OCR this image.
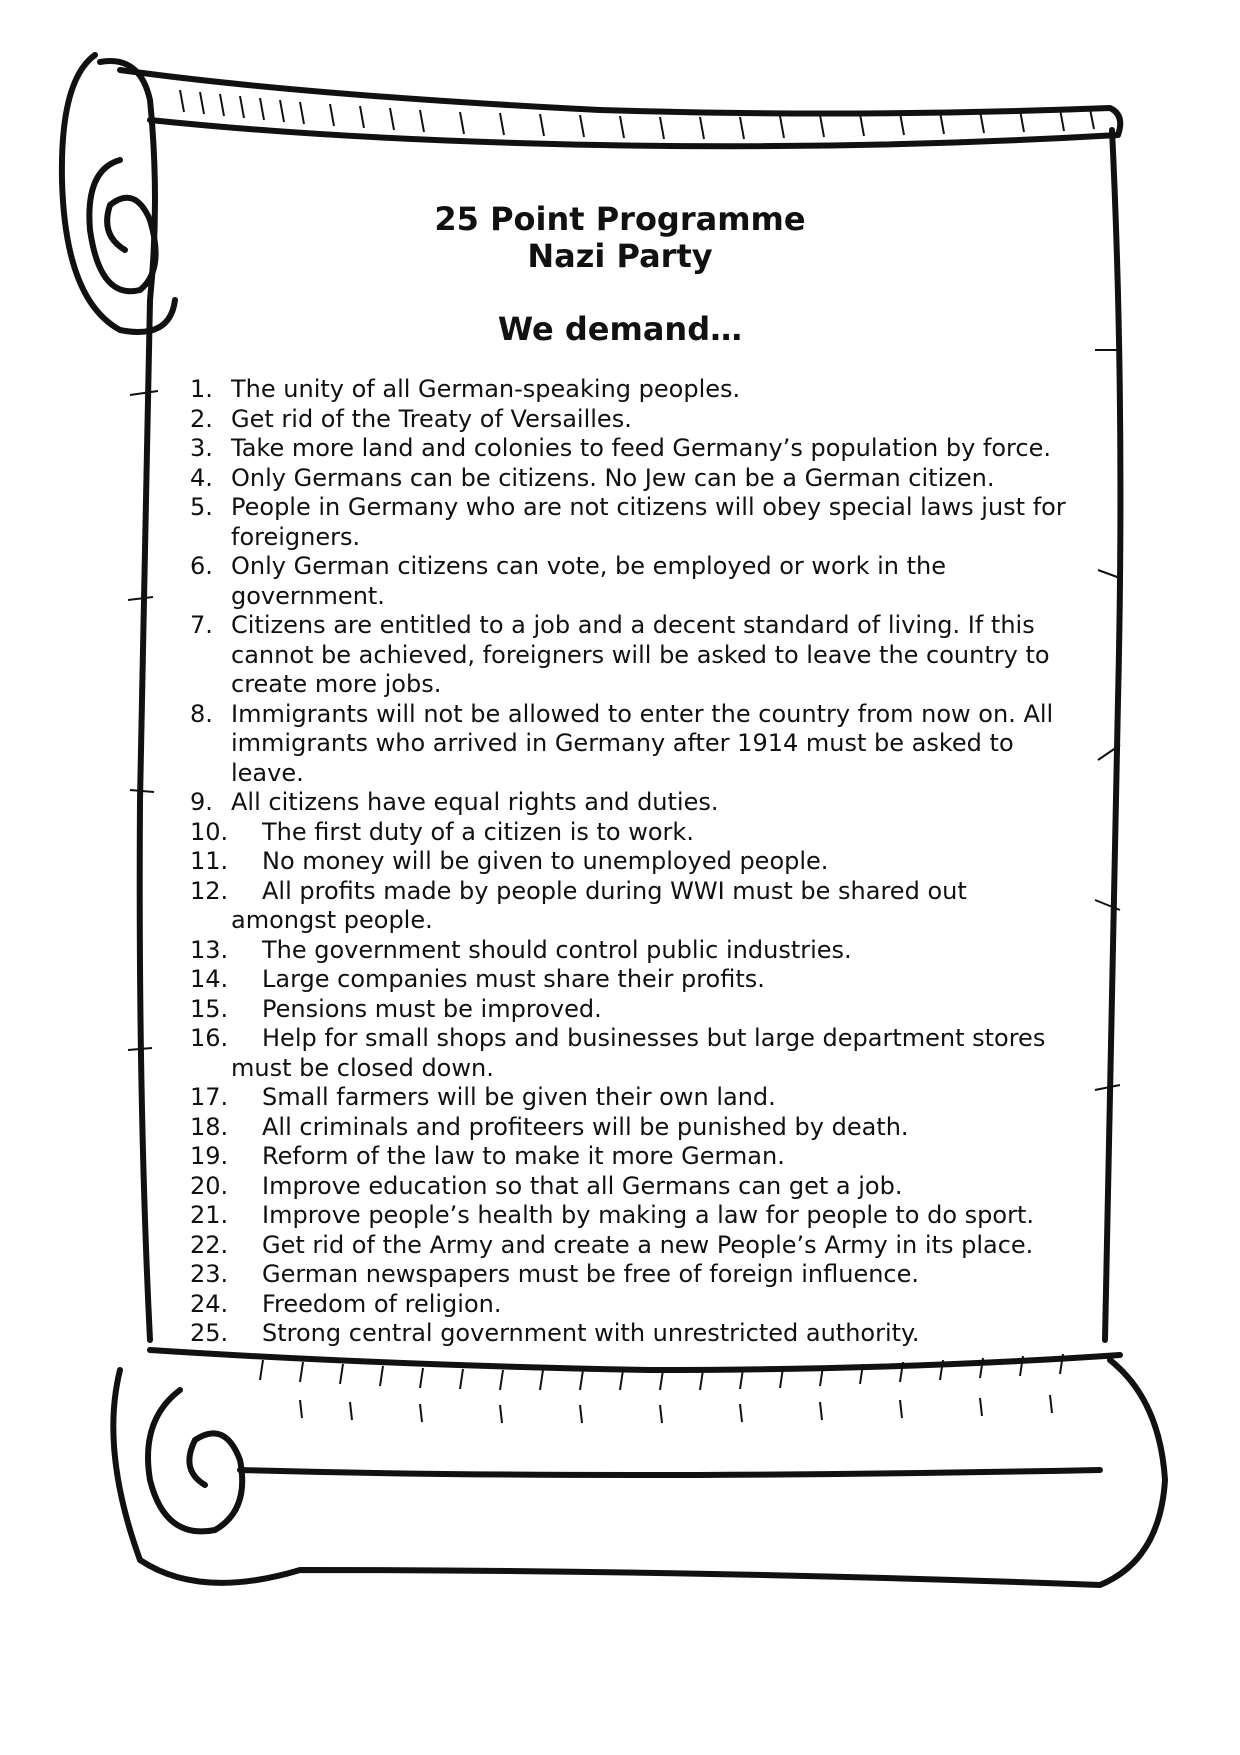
25 Point Programme
Nazi Party
We demand…
1. The unity of all German-speaking peoples.
2. Get rid of the Treaty of Versailles.
3. Take more land and colonies to feed Germany’s population by force.
4. Only Germans can be citizens. No Jew can be a German citizen.
5. People in Germany who are not citizens will obey special laws just for foreigners.
6. Only German citizens can vote, be employed or work in the government.
7. Citizens are entitled to a job and a decent standard of living. If this cannot be achieved, foreigners will be asked to leave the country to create more jobs.
8. Immigrants will not be allowed to enter the country from now on. All immigrants who arrived in Germany after 1914 must be asked to leave.
9. All citizens have equal rights and duties.
10.	The first duty of a citizen is to work.
11.	No money will be given to unemployed people.
12.	All profits made by people during WWI must be shared out amongst people.
13.	The government should control public industries.
14.	Large companies must share their profits.
15.	Pensions must be improved.
16.	Help for small shops and businesses but large department stores must be closed down.
17.	Small farmers will be given their own land.
18.	All criminals and profiteers will be punished by death.
19.	Reform of the law to make it more German.
20.	Improve education so that all Germans can get a job.
21.	Improve people’s health by making a law for people to do sport.
22.	Get rid of the Army and create a new People’s Army in its place.
23.	German newspapers must be free of foreign influence.
24.	Freedom of religion.
25.	Strong central government with unrestricted authority.
